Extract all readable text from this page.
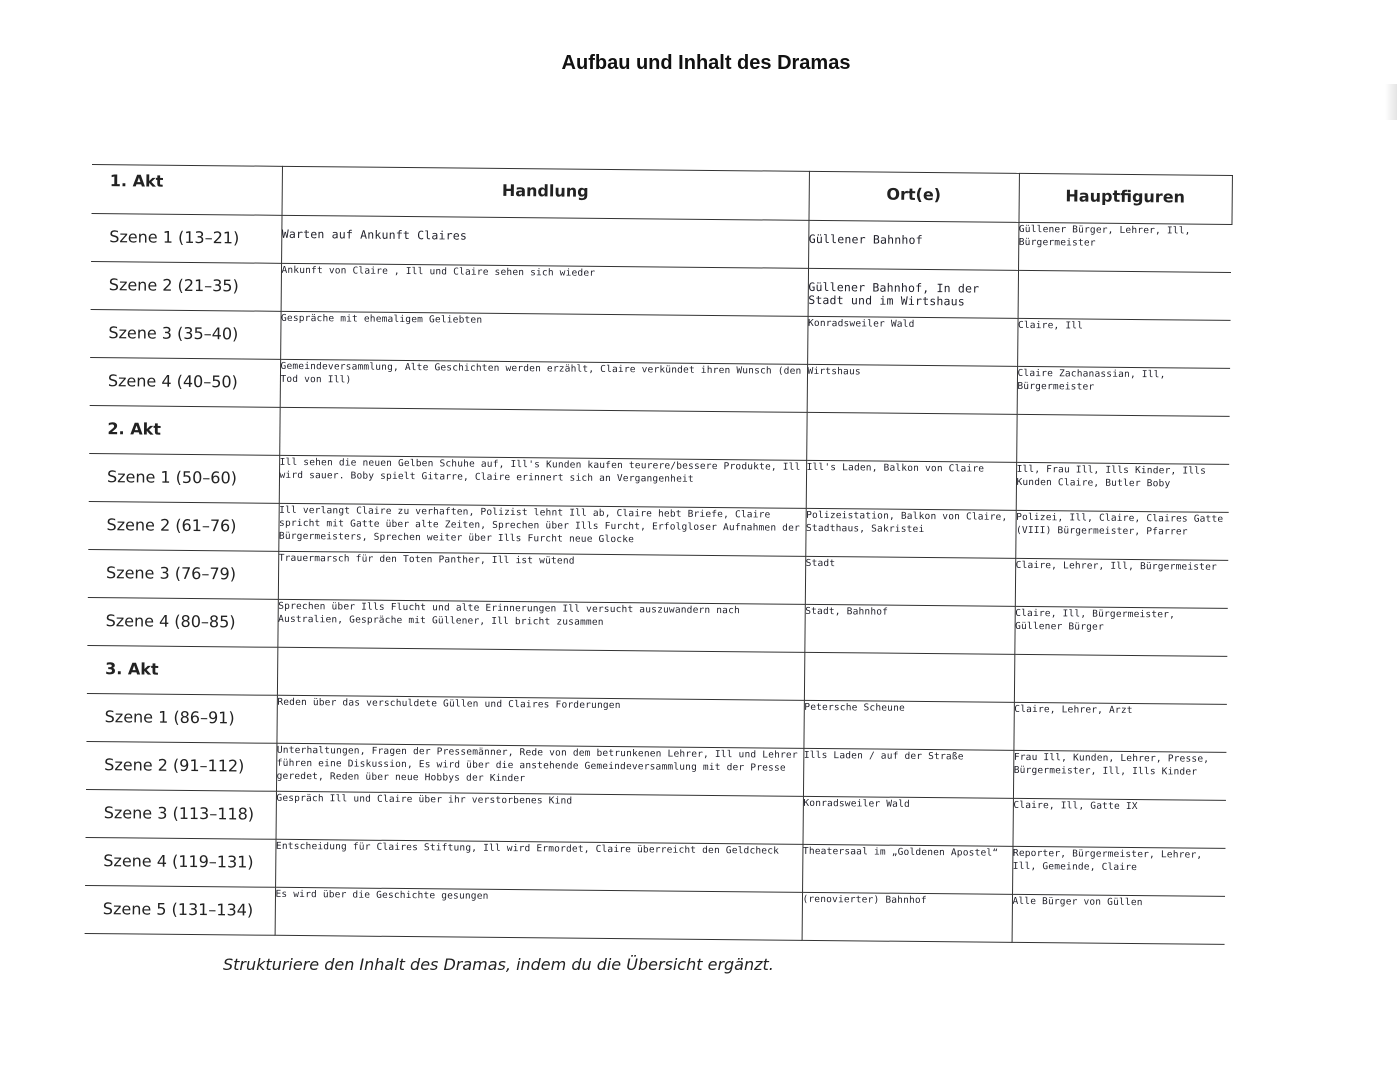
Aufbau und Inhalt des Dramas
1. Akt	Handlung	Ort(e)	Hauptfiguren
Szene 1 (13–21)	Warten auf Ankunft Claires	Güllener Bahnhof	Güllener Bürger, Lehrer, Ill, Bürgermeister
Szene 2 (21–35)	Ankunft von Claire , Ill und Claire sehen sich wieder	Güllener Bahnhof, In der Stadt und im Wirtshaus	
Szene 3 (35–40)	Gespräche mit ehemaligem Geliebten	Konradsweiler Wald	Claire, Ill
Szene 4 (40–50)	Gemeindeversammlung, Alte Geschichten werden erzählt, Claire verkündet ihren Wunsch (den Tod von Ill)	Wirtshaus	Claire Zachanassian, Ill, Bürgermeister
2. Akt			
Szene 1 (50–60)	Ill sehen die neuen Gelben Schuhe auf, Ill's Kunden kaufen teurere/bessere Produkte, Ill wird sauer. Boby spielt Gitarre, Claire erinnert sich an Vergangenheit	Ill's Laden, Balkon von Claire	Ill, Frau Ill, Ills Kinder, Ills Kunden Claire, Butler Boby
Szene 2 (61–76)	Ill verlangt Claire zu verhaften, Polizist lehnt Ill ab, Claire hebt Briefe, Claire spricht mit Gatte über alte Zeiten, Sprechen über Ills Furcht, Erfolgloser Aufnahmen der Bürgermeisters, Sprechen weiter über Ills Furcht neue Glocke	Polizeistation, Balkon von Claire, Stadthaus, Sakristei	Polizei, Ill, Claire, Claires Gatte (VIII) Bürgermeister, Pfarrer
Szene 3 (76–79)	Trauermarsch für den Toten Panther, Ill ist wütend	Stadt	Claire, Lehrer, Ill, Bürgermeister
Szene 4 (80–85)	Sprechen über Ills Flucht und alte Erinnerungen Ill versucht auszuwandern nach Australien, Gespräche mit Güllener, Ill bricht zusammen	Stadt, Bahnhof	Claire, Ill, Bürgermeister, Güllener Bürger
3. Akt			
Szene 1 (86–91)	Reden über das verschuldete Güllen und Claires Forderungen	Petersche Scheune	Claire, Lehrer, Arzt
Szene 2 (91–112)	Unterhaltungen, Fragen der Pressemänner, Rede von dem betrunkenen Lehrer, Ill und Lehrer führen eine Diskussion, Es wird über die anstehende Gemeindeversammlung mit der Presse geredet, Reden über neue Hobbys der Kinder	Ills Laden / auf der Straße	Frau Ill, Kunden, Lehrer, Presse, Bürgermeister, Ill, Ills Kinder
Szene 3 (113–118)	Gespräch Ill und Claire über ihr verstorbenes Kind	Konradsweiler Wald	Claire, Ill, Gatte IX
Szene 4 (119–131)	Entscheidung für Claires Stiftung, Ill wird Ermordet, Claire überreicht den Geldcheck	Theatersaal im „Goldenen Apostel“	Reporter, Bürgermeister, Lehrer, Ill, Gemeinde, Claire
Szene 5 (131–134)	Es wird über die Geschichte gesungen	(renovierter) Bahnhof	Alle Bürger von Güllen
Strukturiere den Inhalt des Dramas, indem du die Übersicht ergänzt.
